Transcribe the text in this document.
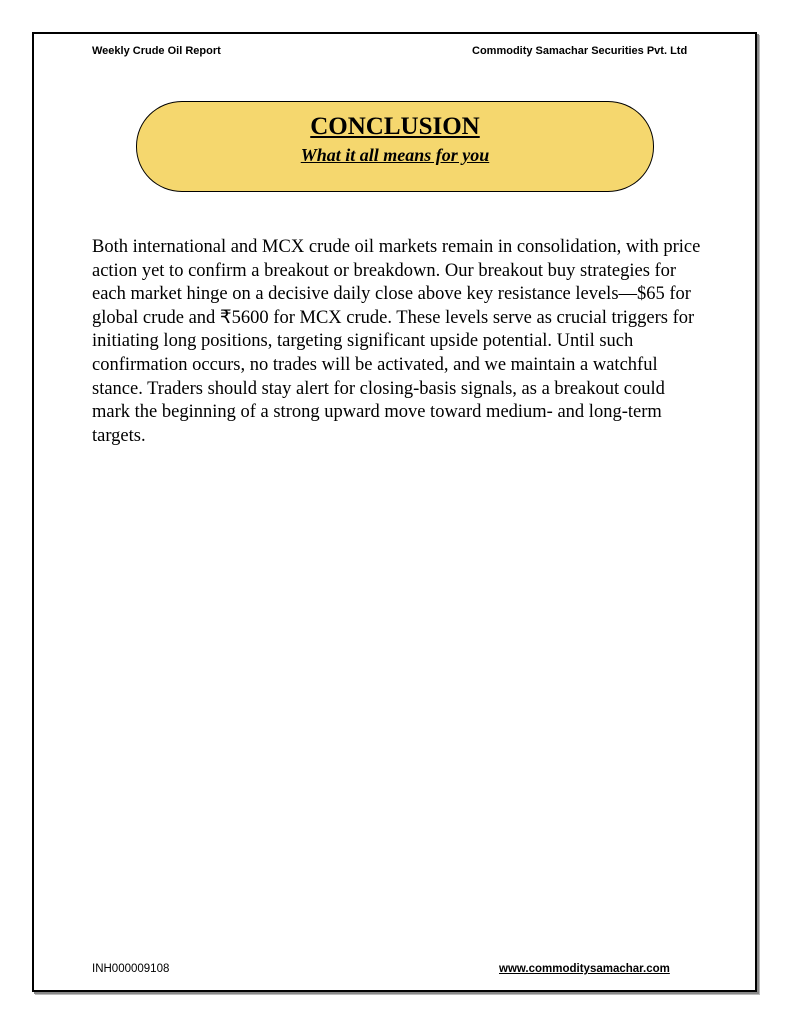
Weekly Crude Oil Report	Commodity Samachar Securities Pvt. Ltd
CONCLUSION
What it all means for you

Both international and MCX crude oil markets remain in consolidation, with price action yet to confirm a breakout or breakdown. Our breakout buy strategies for each market hinge on a decisive daily close above key resistance levels—$65 for global crude and ₹5600 for MCX crude. These levels serve as crucial triggers for initiating long positions, targeting significant upside potential. Until such confirmation occurs, no trades will be activated, and we maintain a watchful stance. Traders should stay alert for closing-basis signals, as a breakout could mark the beginning of a strong upward move toward medium- and long-term targets.

INH000009108	www.commoditysamachar.com
